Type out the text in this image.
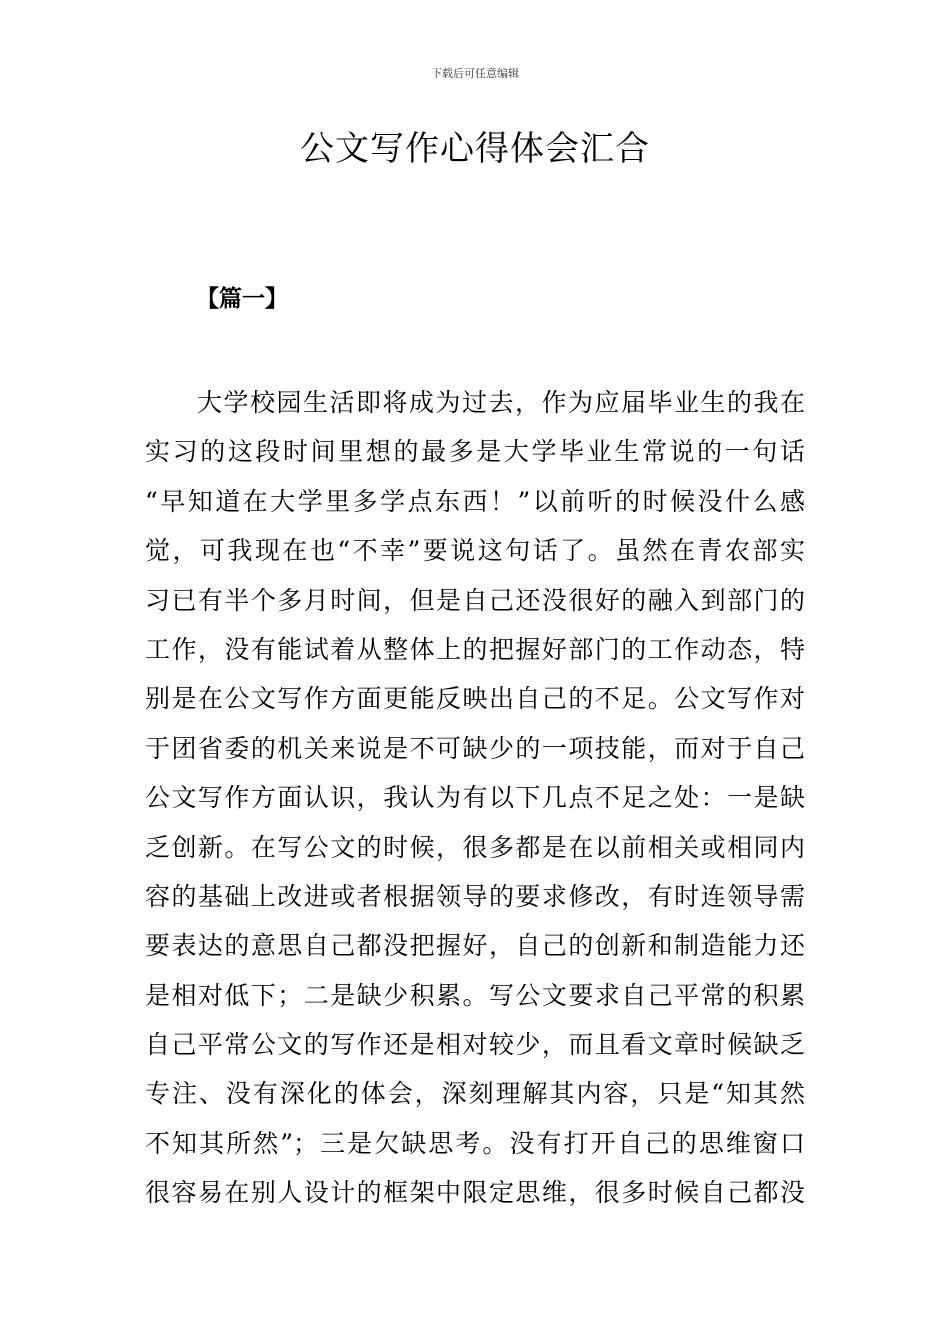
下载后可任意编辑
公文写作心得体会汇合
【篇一】
大学校园生活即将成为过去，作为应届毕业生的我在
实习的这段时间里想的最多是大学毕业生常说的一句话
“早知道在大学里多学点东西！”以前听的时候没什么感
觉，可我现在也“不幸”要说这句话了。虽然在青农部实
习已有半个多月时间，但是自己还没很好的融入到部门的
工作，没有能试着从整体上的把握好部门的工作动态，特
别是在公文写作方面更能反映出自己的不足。公文写作对
于团省委的机关来说是不可缺少的一项技能，而对于自己
公文写作方面认识，我认为有以下几点不足之处：一是缺
乏创新。在写公文的时候，很多都是在以前相关或相同内
容的基础上改进或者根据领导的要求修改，有时连领导需
要表达的意思自己都没把握好，自己的创新和制造能力还
是相对低下；二是缺少积累。写公文要求自己平常的积累
自己平常公文的写作还是相对较少，而且看文章时候缺乏
专注、没有深化的体会，深刻理解其内容，只是“知其然
不知其所然”；三是欠缺思考。没有打开自己的思维窗口
很容易在别人设计的框架中限定思维，很多时候自己都没
